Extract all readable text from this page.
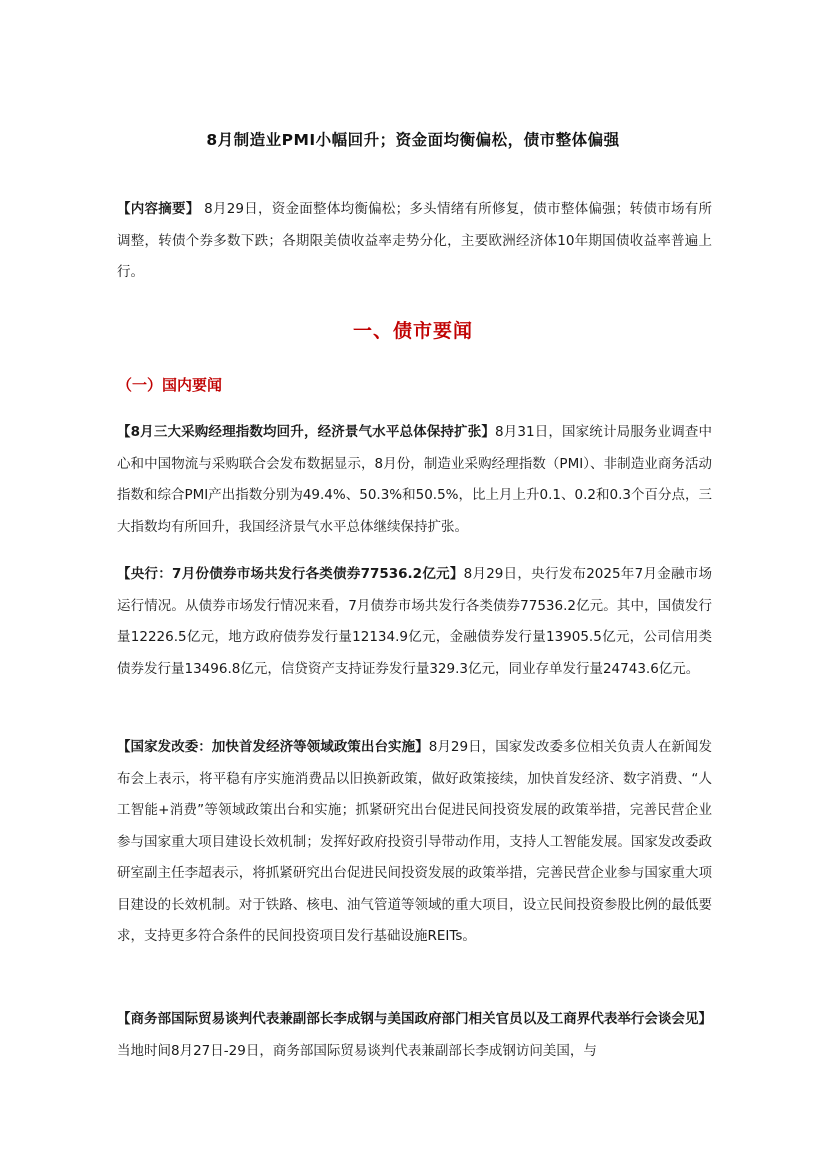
8月制造业PMI小幅回升；资金面均衡偏松，债市整体偏强

【内容摘要】 8月29日，资金面整体均衡偏松；多头情绪有所修复，债市整体偏强；转债市场有所调整，转债个券多数下跌；各期限美债收益率走势分化，主要欧洲经济体10年期国债收益率普遍上行。

一、债市要闻
（一）国内要闻

【8月三大采购经理指数均回升，经济景气水平总体保持扩张】8月31日，国家统计局服务业调查中心和中国物流与采购联合会发布数据显示，8月份，制造业采购经理指数（PMI）、非制造业商务活动指数和综合PMI产出指数分别为49.4%、50.3%和50.5%，比上月上升0.1、0.2和0.3个百分点，三大指数均有所回升，我国经济景气水平总体继续保持扩张。

【央行：7月份债券市场共发行各类债券77536.2亿元】8月29日，央行发布2025年7月金融市场运行情况。从债券市场发行情况来看，7月债券市场共发行各类债券77536.2亿元。其中，国债发行量12226.5亿元，地方政府债券发行量12134.9亿元，金融债券发行量13905.5亿元，公司信用类债券发行量13496.8亿元，信贷资产支持证券发行量329.3亿元，同业存单发行量24743.6亿元。

【国家发改委：加快首发经济等领域政策出台实施】8月29日，国家发改委多位相关负责人在新闻发布会上表示，将平稳有序实施消费品以旧换新政策，做好政策接续，加快首发经济、数字消费、“人工智能+消费”等领域政策出台和实施；抓紧研究出台促进民间投资发展的政策举措，完善民营企业参与国家重大项目建设长效机制；发挥好政府投资引导带动作用，支持人工智能发展。国家发改委政研室副主任李超表示，将抓紧研究出台促进民间投资发展的政策举措，完善民营企业参与国家重大项目建设的长效机制。对于铁路、核电、油气管道等领域的重大项目，设立民间投资参股比例的最低要求，支持更多符合条件的民间投资项目发行基础设施REITs。

【商务部国际贸易谈判代表兼副部长李成钢与美国政府部门相关官员以及工商界代表举行会谈会见】当地时间8月27日-29日，商务部国际贸易谈判代表兼副部长李成钢访问美国，与
